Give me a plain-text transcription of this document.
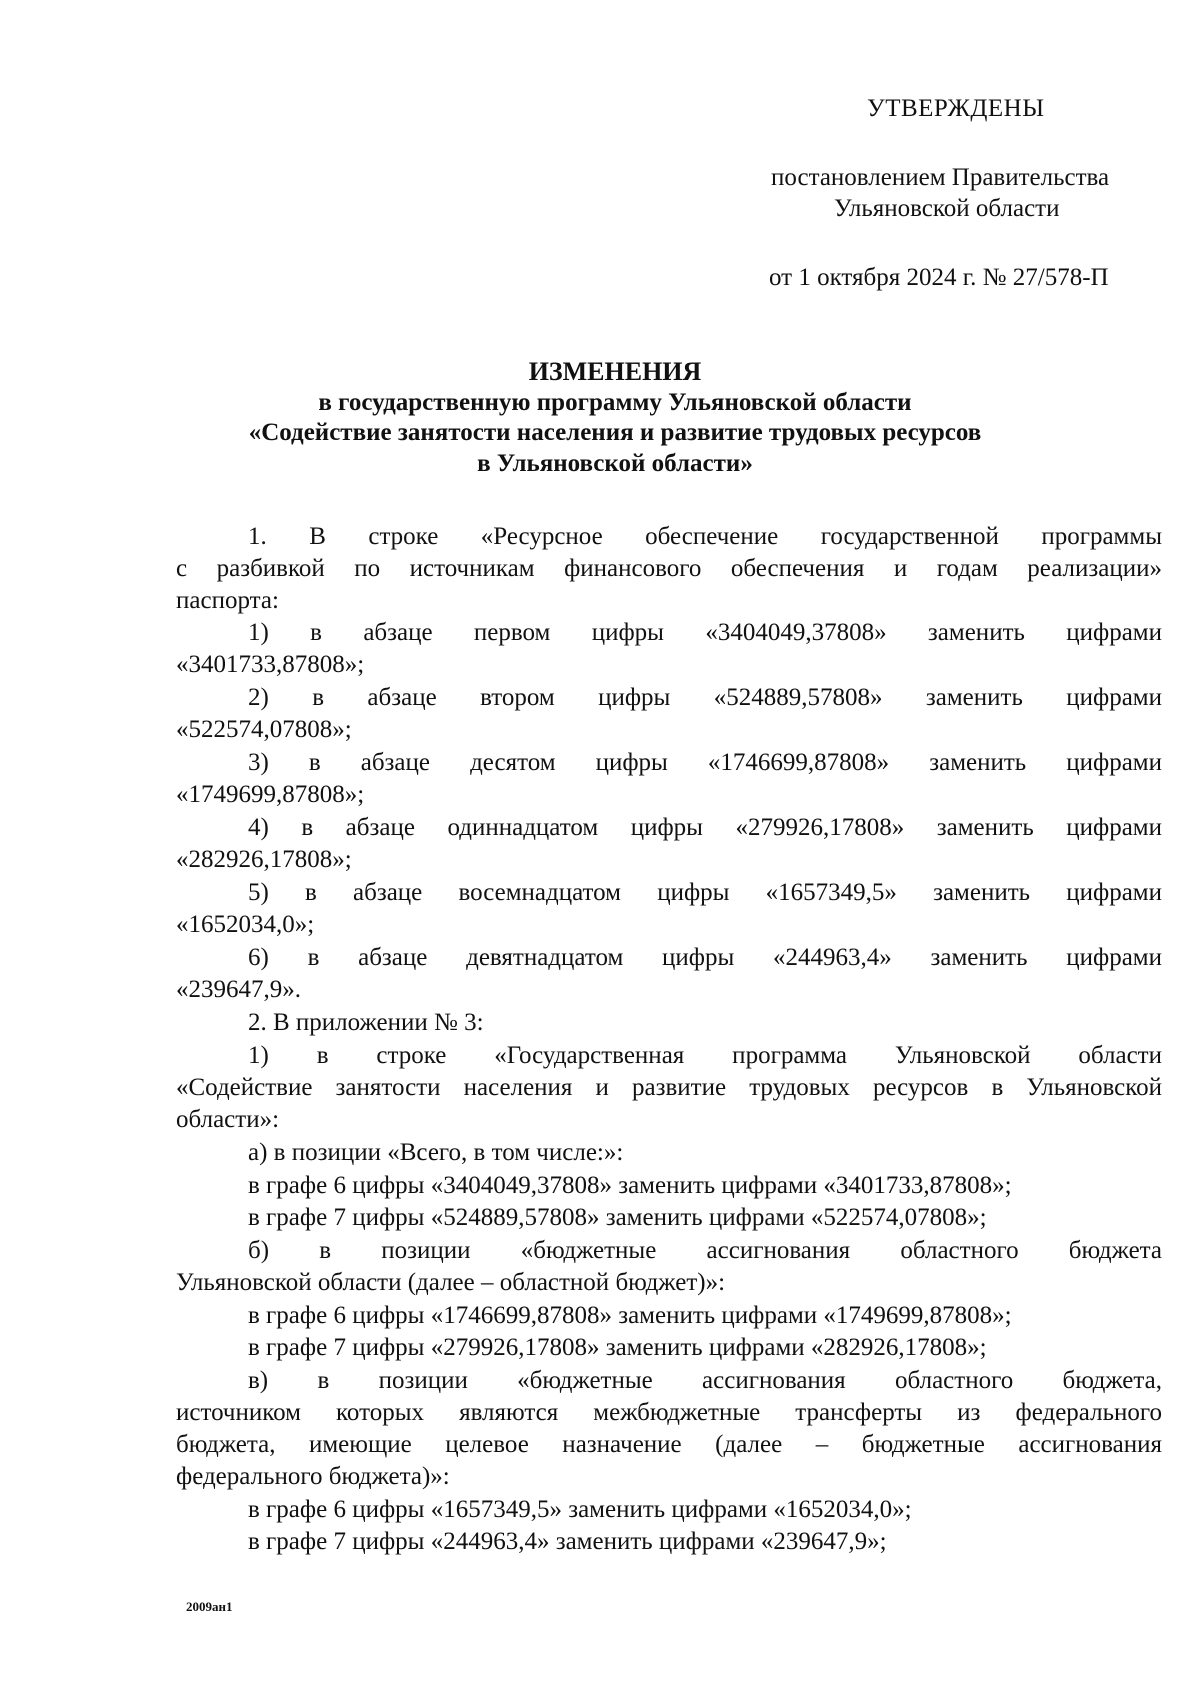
УТВЕРЖДЕНЫ

постановлением Правительства

Ульяновской области

от 1 октября 2024 г. № 27/578-П

ИЗМЕНЕНИЯ

в государственную программу Ульяновской области

«Содействие занятости населения и развитие трудовых ресурсов

в Ульяновской области»

1. В строке «Ресурсное обеспечение государственной программы

с разбивкой по источникам финансового обеспечения и годам реализации»

паспорта:

1) в абзаце первом цифры «3404049,37808» заменить цифрами

«3401733,87808»;

2) в абзаце втором цифры «524889,57808» заменить цифрами

«522574,07808»;

3) в абзаце десятом цифры «1746699,87808» заменить цифрами

«1749699,87808»;

4) в абзаце одиннадцатом цифры «279926,17808» заменить цифрами

«282926,17808»;

5) в абзаце восемнадцатом цифры «1657349,5» заменить цифрами

«1652034,0»;

6) в абзаце девятнадцатом цифры «244963,4» заменить цифрами

«239647,9».

2. В приложении № 3:

1) в строке «Государственная программа Ульяновской области

«Содействие занятости населения и развитие трудовых ресурсов в Ульяновской

области»:

а) в позиции «Всего, в том числе:»:

в графе 6 цифры «3404049,37808» заменить цифрами «3401733,87808»;

в графе 7 цифры «524889,57808» заменить цифрами «522574,07808»;

б) в позиции «бюджетные ассигнования областного бюджета

Ульяновской области (далее – областной бюджет)»:

в графе 6 цифры «1746699,87808» заменить цифрами «1749699,87808»;

в графе 7 цифры «279926,17808» заменить цифрами «282926,17808»;

в) в позиции «бюджетные ассигнования областного бюджета,

источником которых являются межбюджетные трансферты из федерального

бюджета, имеющие целевое назначение (далее – бюджетные ассигнования

федерального бюджета)»:

в графе 6 цифры «1657349,5» заменить цифрами «1652034,0»;

в графе 7 цифры «244963,4» заменить цифрами «239647,9»;

2009ан1
